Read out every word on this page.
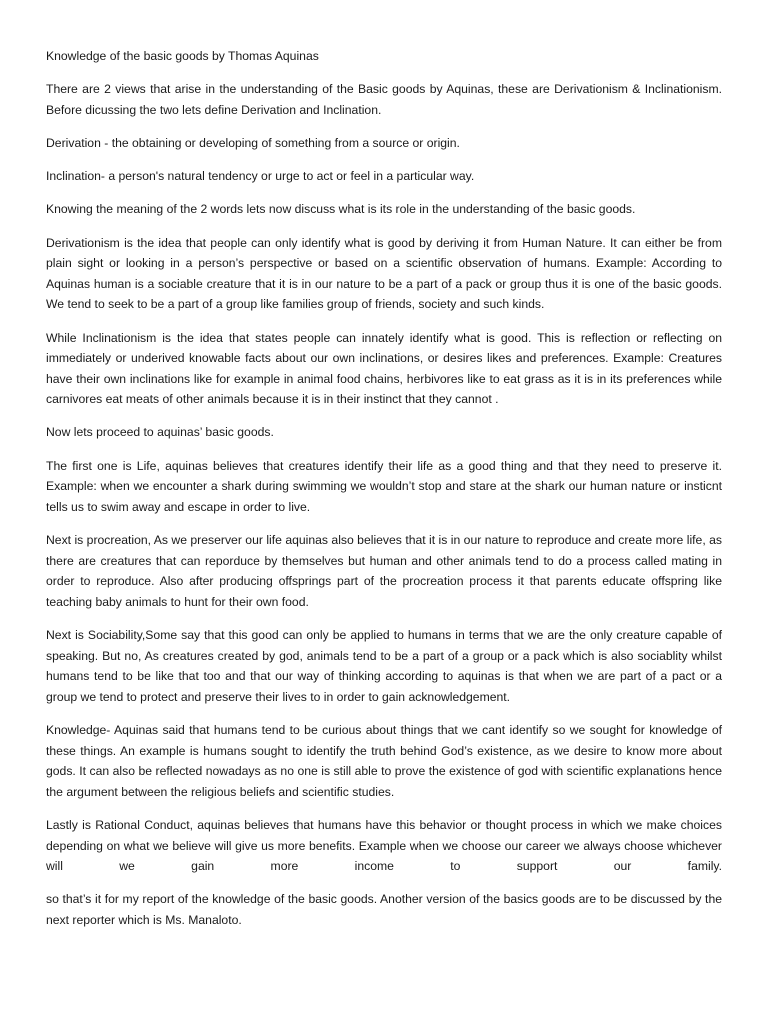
Knowledge of the basic goods by Thomas Aquinas

There are 2 views that arise in the understanding of the Basic goods by Aquinas, these are Derivationism & Inclinationism. Before dicussing the two lets define Derivation and Inclination.

Derivation - the obtaining or developing of something from a source or origin.

Inclination- a person's natural tendency or urge to act or feel in a particular way.

Knowing the meaning of the 2 words lets now discuss what is its role in the understanding of the basic goods.

Derivationism is the idea that people can only identify what is good by deriving it from Human Nature. It can either be from plain sight or looking in a person’s perspective or based on a scientific observation of humans. Example: According to Aquinas human is a sociable creature that it is in our nature to be a part of a pack or group thus it is one of the basic goods. We tend to seek to be a part of a group like families group of friends, society and such kinds.

While Inclinationism is the idea that states people can innately identify what is good. This is reflection or reflecting on immediately or underived knowable facts about our own inclinations, or desires likes and preferences. Example: Creatures have their own inclinations like for example in animal food chains, herbivores like to eat grass as it is in its preferences while carnivores eat meats of other animals because it is in their instinct that they cannot .

Now lets proceed to aquinas’ basic goods.

The first one is Life, aquinas believes that creatures identify their life as a good thing and that they need to preserve it. Example: when we encounter a shark during swimming we wouldn’t stop and stare at the shark our human nature or insticnt tells us to swim away and escape in order to live.

Next is procreation, As we preserver our life aquinas also believes that it is in our nature to reproduce and create more life, as there are creatures that can reporduce by themselves but human and other animals tend to do a process called mating in order to reproduce. Also after producing offsprings part of the procreation process it that parents educate offspring like teaching baby animals to hunt for their own food.

Next is Sociability,Some say that this good can only be applied to humans in terms that we are the only creature capable of speaking. But no, As creatures created by god, animals tend to be a part of a group or a pack which is also sociablity whilst humans tend to be like that too and that our way of thinking according to aquinas is that when we are part of a pact or a group we tend to protect and preserve their lives to in order to gain acknowledgement.

Knowledge- Aquinas said that humans tend to be curious about things that we cant identify so we sought for knowledge of these things. An example is humans sought to identify the truth behind God’s existence, as we desire to know more about gods. It can also be reflected nowadays as no one is still able to prove the existence of god with scientific explanations hence the argument between the religious beliefs and scientific studies.

Lastly is Rational Conduct, aquinas believes that humans have this behavior or thought process in which we make choices depending on what we believe will give us more benefits. Example when we choose our career we always choose whichever will we gain more income to support our family.

so that’s it for my report of the knowledge of the basic goods. Another version of the basics goods are to be discussed by the next reporter which is Ms. Manaloto.
